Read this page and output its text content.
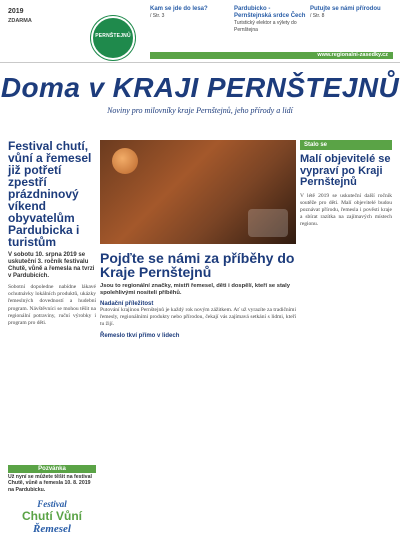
2019
ZDARMA
PERNŠTEJNŮ
Kam se jde do lesa?
/ Str. 3
Pardubicko - Pernštejnská srdce Čech
Turistický elektor a výlety do Pernštejna
Putujte se námi přírodou
/ Str. 8
www.regionalni-zasedky.cz
Doma v KRAJI PERNŠTEJNŮ
Noviny pro milovníky kraje Pernštejnů, jeho přírody a lidí
Festival chutí, vůní a řemesel již potřetí zpestří prázdninový víkend obyvatelům Pardubicka i turistům
V sobotu 10. srpna 2019 se uskuteční 3. ročník festivalu Chutě, vůně a řemesla na tvrzi v Pardubicích.
Sobotní dopoledne nabídne lákavé ochutnávky lokálních produktů, ukázky řemeslných dovedností a hudební program. Návštěvníci se mohou těšit na regionální potraviny, ruční výrobky i program pro děti.
Pozvánka
Už nyní se můžete těšit na festival Chutě, vůně a řemesla 10. 8. 2019 na Pardubicku.
Festival
Chutí Vůní
Řemesel
Pojďte se námi za příběhy do Kraje Pernštejnů
Jsou to regionální značky, mistři řemesel, děti i dospělí, kteří se staly spolehlivými nositeli příběhů.
Nadační příležitost
Putování krajinou Pernštejnů je každý rok novým zážitkem. Ať už vyrazíte za tradičními řemesly, regionálními produkty nebo přírodou, čekají vás zajímavá setkání s lidmi, kteří tu žijí.
Řemeslo tkví přímo v lidech
Stalo se
Malí objevitelé se vypraví po Kraji Pernštejnů
V létě 2019 se uskuteční další ročník soutěže pro děti. Malí objevitelé budou poznávat přírodu, řemesla i pověsti kraje a sbírat razítka na zajímavých místech regionu.
